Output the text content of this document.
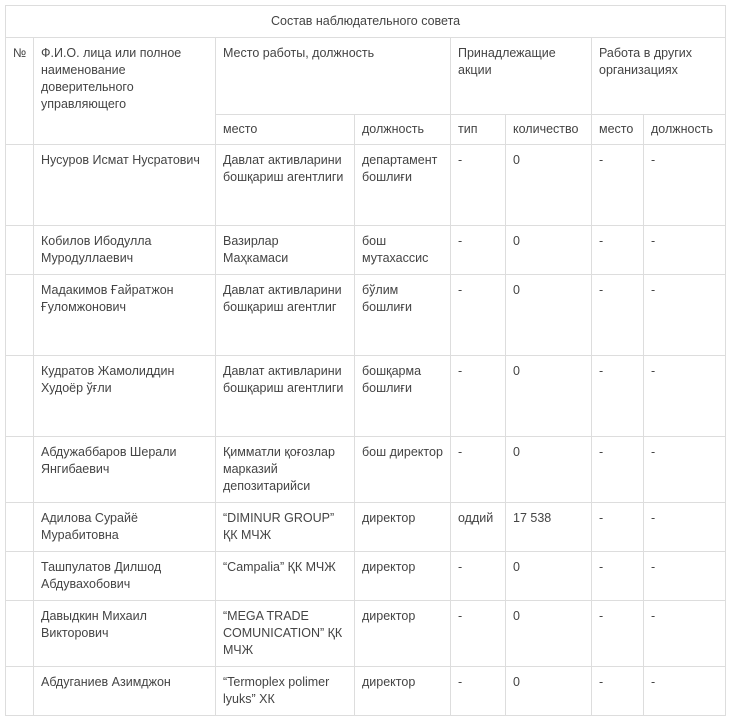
Состав наблюдательного совета							
№	Ф.И.О. лица или полное наименование доверительного управляющего	Место работы, должность		Принадлежащие акции		Работа в других организациях	
		место	должность	тип	количество	место	должность
	Нусуров Исмат Нусратович	Давлат активларини бошқариш агентлиги	департамент бошлиғи	-	0	-	-
	Кобилов Ибодулла Муродуллаевич	Вазирлар Маҳкамаси	бош мутахассис	-	0	-	-
	Мадакимов Ғайратжон Ғуломжонович	Давлат активларини бошқариш агентлиг	бўлим бошлиғи	-	0	-	-
	Кудратов Жамолиддин Худоёр ўғли	Давлат активларини бошқариш агентлиги	бошқарма бошлиғи	-	0	-	-
	Абдужаббаров Шерали Янгибаевич	Қимматли қоғозлар марказий депозитарийси	бош директор	-	0	-	-
	Адилова Сурайё Мурабитовна	“DIMINUR GROUP” ҚК МЧЖ	директор	оддий	17 538	-	-
	Ташпулатов Дилшод Абдувахобович	“Campalia” ҚК МЧЖ	директор	-	0	-	-
	Давыдкин Михаил Викторович	“MEGA TRADE COMUNICATION” ҚК МЧЖ	директор	-	0	-	-
	Абдуганиев Азимджон	“Termoplex polimer lyuks” ХК	директор	-	0	-	-
